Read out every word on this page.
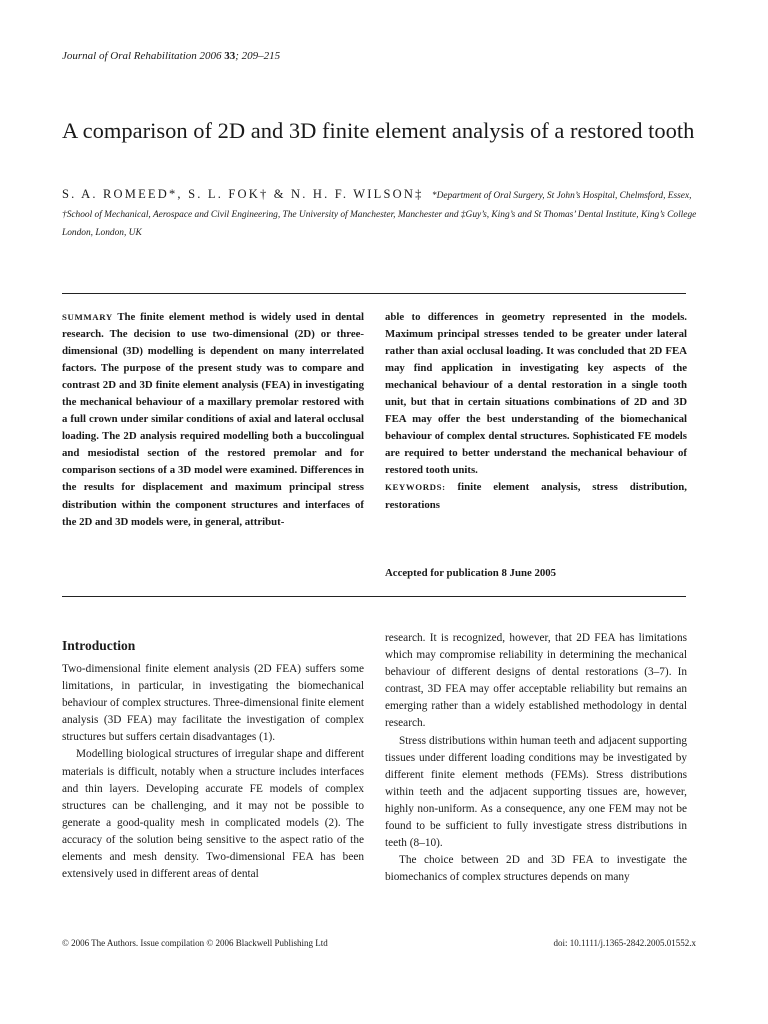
Journal of Oral Rehabilitation 2006 33; 209–215
A comparison of 2D and 3D finite element analysis of a restored tooth
S. A. ROMEED*, S. L. FOK† & N. H. F. WILSON‡ *Department of Oral Surgery, St John’s Hospital, Chelmsford, Essex, †School of Mechanical, Aerospace and Civil Engineering, The University of Manchester, Manchester and ‡Guy’s, King’s and St Thomas’ Dental Institute, King’s College London, London, UK
SUMMARY The finite element method is widely used in dental research. The decision to use two-dimensional (2D) or three-dimensional (3D) modelling is dependent on many interrelated factors. The purpose of the present study was to compare and contrast 2D and 3D finite element analysis (FEA) in investigating the mechanical behaviour of a maxillary premolar restored with a full crown under similar conditions of axial and lateral occlusal loading. The 2D analysis required modelling both a buccolingual and mesiodistal section of the restored premolar and for comparison sections of a 3D model were examined. Differences in the results for displacement and maximum principal stress distribution within the component structures and interfaces of the 2D and 3D models were, in general, attribut-
able to differences in geometry represented in the models. Maximum principal stresses tended to be greater under lateral rather than axial occlusal loading. It was concluded that 2D FEA may find application in investigating key aspects of the mechanical behaviour of a dental restoration in a single tooth unit, but that in certain situations combinations of 2D and 3D FEA may offer the best understanding of the biomechanical behaviour of complex dental structures. Sophisticated FE models are required to better understand the mechanical behaviour of restored tooth units.
KEYWORDS: finite element analysis, stress distribution, restorations
Accepted for publication 8 June 2005
Introduction

Two-dimensional finite element analysis (2D FEA) suffers some limitations, in particular, in investigating the biomechanical behaviour of complex structures. Three-dimensional finite element analysis (3D FEA) may facilitate the investigation of complex structures but suffers certain disadvantages (1).

Modelling biological structures of irregular shape and different materials is difficult, notably when a structure includes interfaces and thin layers. Developing accurate FE models of complex structures can be challenging, and it may not be possible to generate a good-quality mesh in complicated models (2). The accuracy of the solution being sensitive to the aspect ratio of the elements and mesh density. Two-dimensional FEA has been extensively used in different areas of dental

research. It is recognized, however, that 2D FEA has limitations which may compromise reliability in determining the mechanical behaviour of different designs of dental restorations (3–7). In contrast, 3D FEA may offer acceptable reliability but remains an emerging rather than a widely established methodology in dental research.

Stress distributions within human teeth and adjacent supporting tissues under different loading conditions may be investigated by different finite element methods (FEMs). Stress distributions within teeth and the adjacent supporting tissues are, however, highly non-uniform. As a consequence, any one FEM may not be found to be sufficient to fully investigate stress distributions in teeth (8–10).

The choice between 2D and 3D FEA to investigate the biomechanics of complex structures depends on many

© 2006 The Authors. Issue compilation © 2006 Blackwell Publishing Ltd	doi: 10.1111/j.1365-2842.2005.01552.x
